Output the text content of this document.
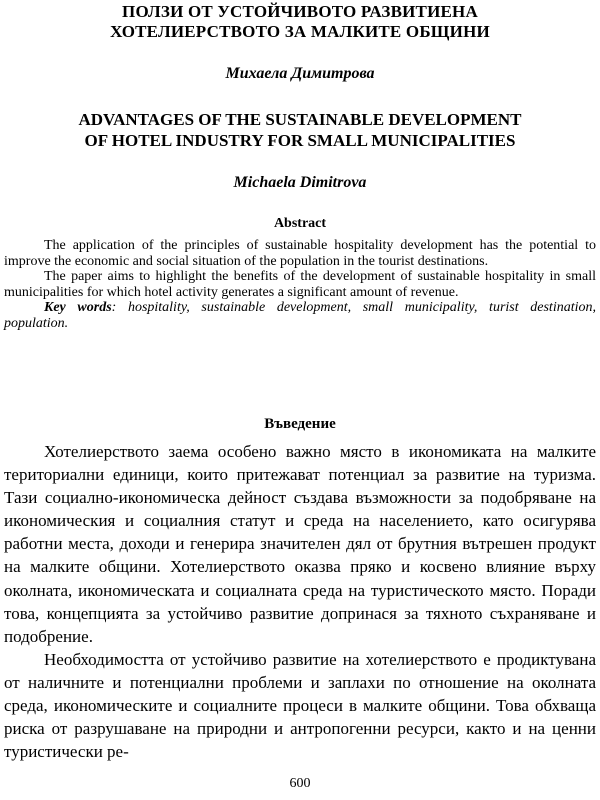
ПОЛЗИ ОТ УСТОЙЧИВОТО РАЗВИТИЕНА
ХОТЕЛИЕРСТВОТО ЗА МАЛКИТЕ ОБЩИНИ
Михаела Димитрова
ADVANTAGES OF THE SUSTAINABLE DEVELOPMENT
OF HOTEL INDUSTRY FOR SMALL MUNICIPALITIES
Michaela Dimitrova
Abstract

The application of the principles of sustainable hospitality development has the potential to improve the economic and social situation of the population in the tourist destinations.

The paper aims to highlight the benefits of the development of sustainable hospitality in small municipalities for which hotel activity generates a significant amount of revenue.

Key words: hospitality, sustainable development, small municipality, turist destination, population.

Въведение

Хотелиерството заема особено важно място в икономиката на малките териториални единици, които притежават потенциал за развитие на туризма. Тази социално-икономическа дейност създава възможности за подобряване на икономическия и социалния статут и среда на населението, като осигурява работни места, доходи и генерира значителен дял от брутния вътрешен продукт на малките общини. Хотелиерството оказва пряко и косвено влияние върху околната, икономическата и социалната среда на туристическото място. Поради това, концепцията за устойчиво развитие допринася за тяхното съхраняване и подобрение.

Необходимостта от устойчиво развитие на хотелиерството е продиктувана от наличните и потенциални проблеми и заплахи по отношение на околната среда, икономическите и социалните процеси в малките общини. Това обхваща риска от разрушаване на природни и антропогенни ресурси, както и на ценни туристически ре-

600
